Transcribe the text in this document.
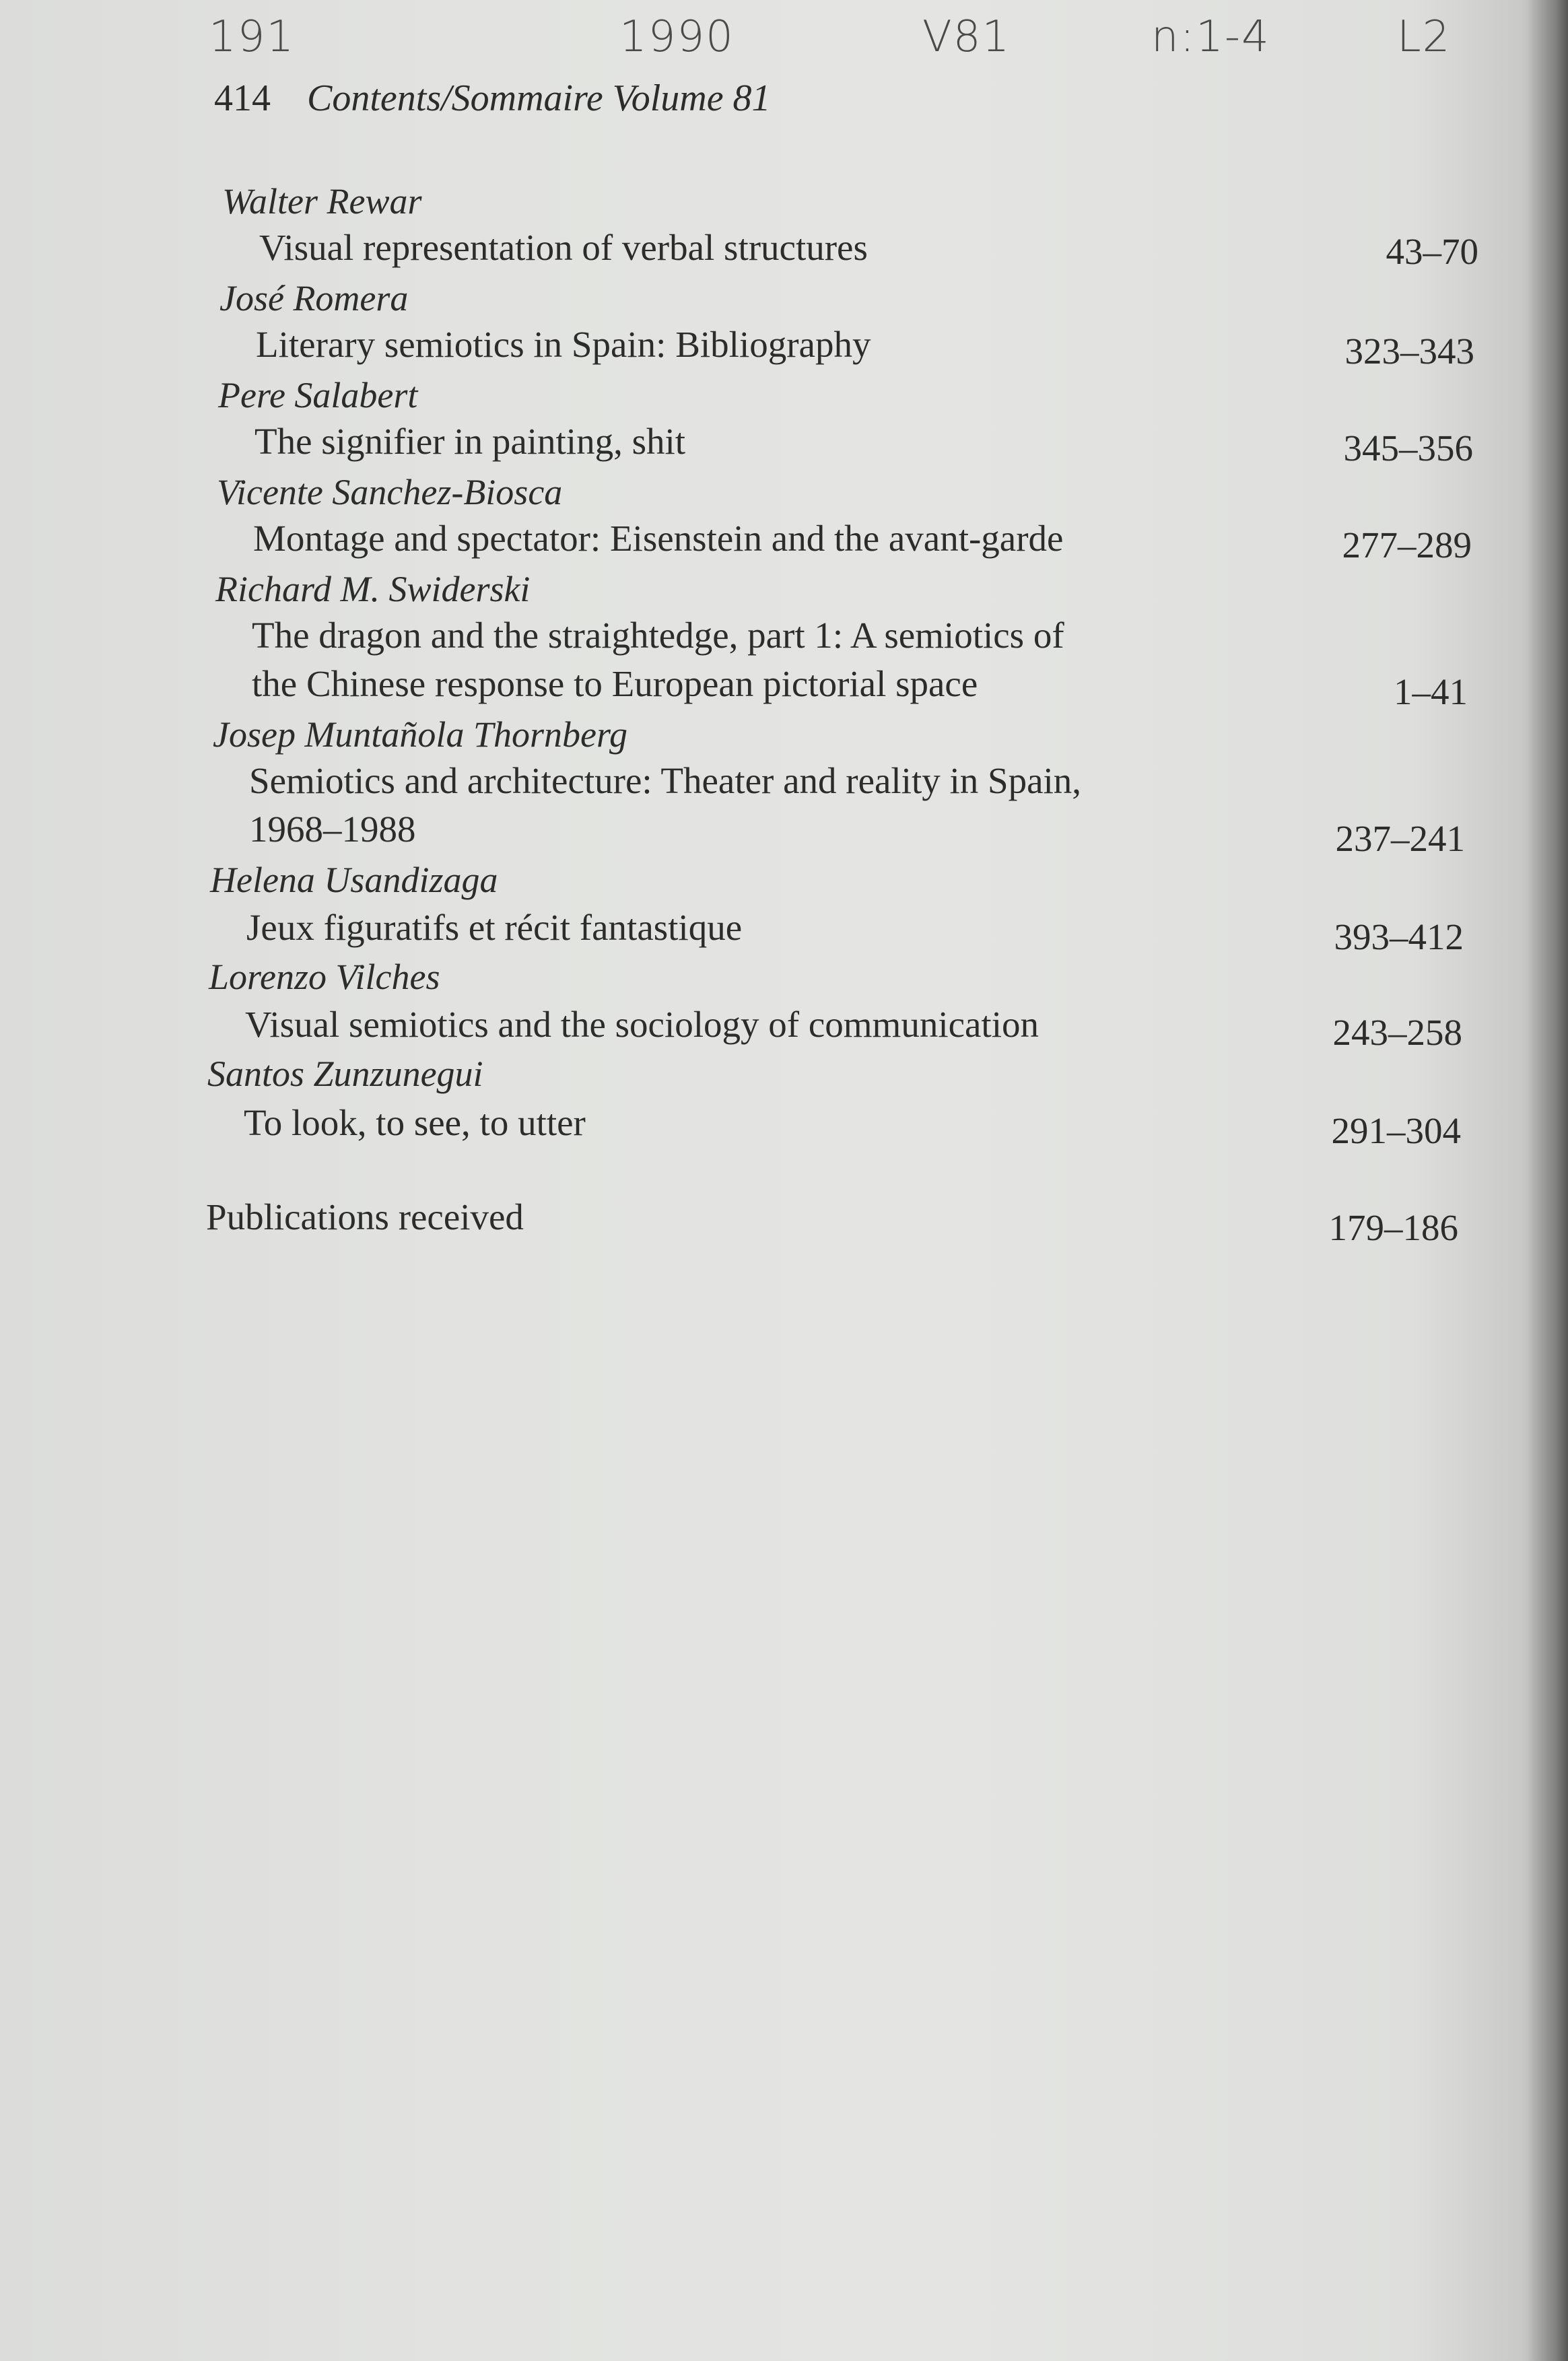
191	1990	V81	n:1-4	L2
414 Contents/Sommaire Volume 81
Walter Rewar
Visual representation of verbal structures	43–70
José Romera
Literary semiotics in Spain: Bibliography	323–343
Pere Salabert
The signifier in painting, shit	345–356
Vicente Sanchez-Biosca
Montage and spectator: Eisenstein and the avant-garde	277–289
Richard M. Swiderski
The dragon and the straightedge, part 1: A semiotics of
the Chinese response to European pictorial space	1–41
Josep Muntañola Thornberg
Semiotics and architecture: Theater and reality in Spain,
1968–1988	237–241
Helena Usandizaga
Jeux figuratifs et récit fantastique	393–412
Lorenzo Vilches
Visual semiotics and the sociology of communication	243–258
Santos Zunzunegui
To look, to see, to utter	291–304
Publications received	179–186
